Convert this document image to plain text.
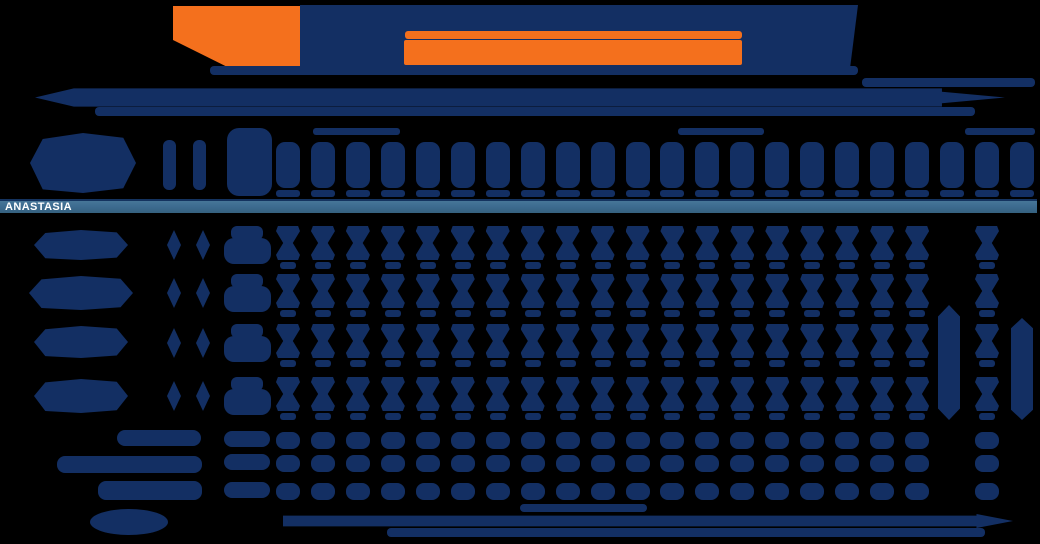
ANASTASIA
